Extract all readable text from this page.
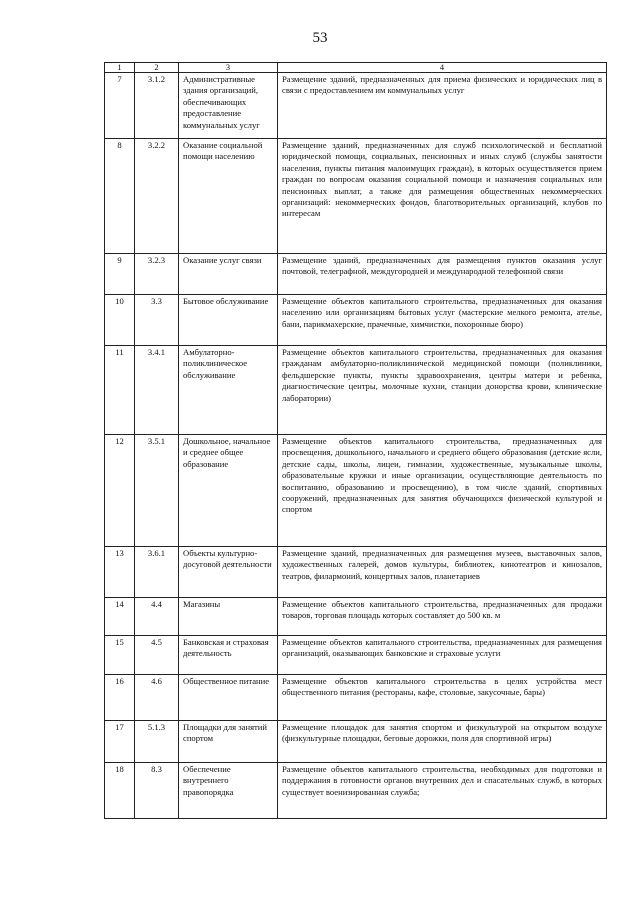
53
1	2	3	4
7	3.1.2	Административные здания организаций, обеспечивающих предоставление коммунальных услуг	Размещение зданий, предназначенных для приема физических и юридических лиц в связи с предоставлением им коммунальных услуг
8	3.2.2	Оказание социальной помощи населению	Размещение зданий, предназначенных для служб психологической и бесплатной юридической помощи, социальных, пенсионных и иных служб (службы занятости населения, пункты питания малоимущих граждан), в которых осуществляется прием граждан по вопросам оказания социальной помощи и назначения социальных или пенсионных выплат, а также для размещения общественных некоммерческих организаций: некоммерческих фондов, благотворительных организаций, клубов по интересам
9	3.2.3	Оказание услуг связи	Размещение зданий, предназначенных для размещения пунктов оказания услуг почтовой, телеграфной, междугородней и международной телефонной связи
10	3.3	Бытовое обслуживание	Размещение объектов капитального строительства, предназначенных для оказания населению или организациям бытовых услуг (мастерские мелкого ремонта, ателье, бани, парикмахерские, прачечные, химчистки, похоронные бюро)
11	3.4.1	Амбулаторно-поликлиническое обслуживание	Размещение объектов капитального строительства, предназначенных для оказания гражданам амбулаторно-поликлинической медицинской помощи (поликлиники, фельдшерские пункты, пункты здравоохранения, центры матери и ребенка, диагностические центры, молочные кухни, станции донорства крови, клинические лаборатории)
12	3.5.1	Дошкольное, начальное и среднее общее образование	Размещение объектов капитального строительства, предназначенных для просвещения, дошкольного, начального и среднего общего образования (детские ясли, детские сады, школы, лицеи, гимназии, художественные, музыкальные школы, образовательные кружки и иные организации, осуществляющие деятельность по воспитанию, образованию и просвещению), в том числе зданий, спортивных сооружений, предназначенных для занятия обучающихся физической культурой и спортом
13	3.6.1	Объекты культурно-досуговой деятельности	Размещение зданий, предназначенных для размещения музеев, выставочных залов, художественных галерей, домов культуры, библиотек, кинотеатров и кинозалов, театров, филармоний, концертных залов, планетариев
14	4.4	Магазины	Размещение объектов капитального строительства, предназначенных для продажи товаров, торговая площадь которых составляет до 500 кв. м
15	4.5	Банковская и страховая деятельность	Размещение объектов капитального строительства, предназначенных для размещения организаций, оказывающих банковские и страховые услуги
16	4.6	Общественное питание	Размещение объектов капитального строительства в целях устройства мест общественного питания (рестораны, кафе, столовые, закусочные, бары)
17	5.1.3	Площадки для занятий спортом	Размещение площадок для занятия спортом и физкультурой на открытом воздухе (физкультурные площадки, беговые дорожки, поля для спортивной игры)
18	8.3	Обеспечение внутреннего правопорядка	Размещение объектов капитального строительства, необходимых для подготовки и поддержания в готовности органов внутренних дел и спасательных служб, в которых существует военизированная служба;
